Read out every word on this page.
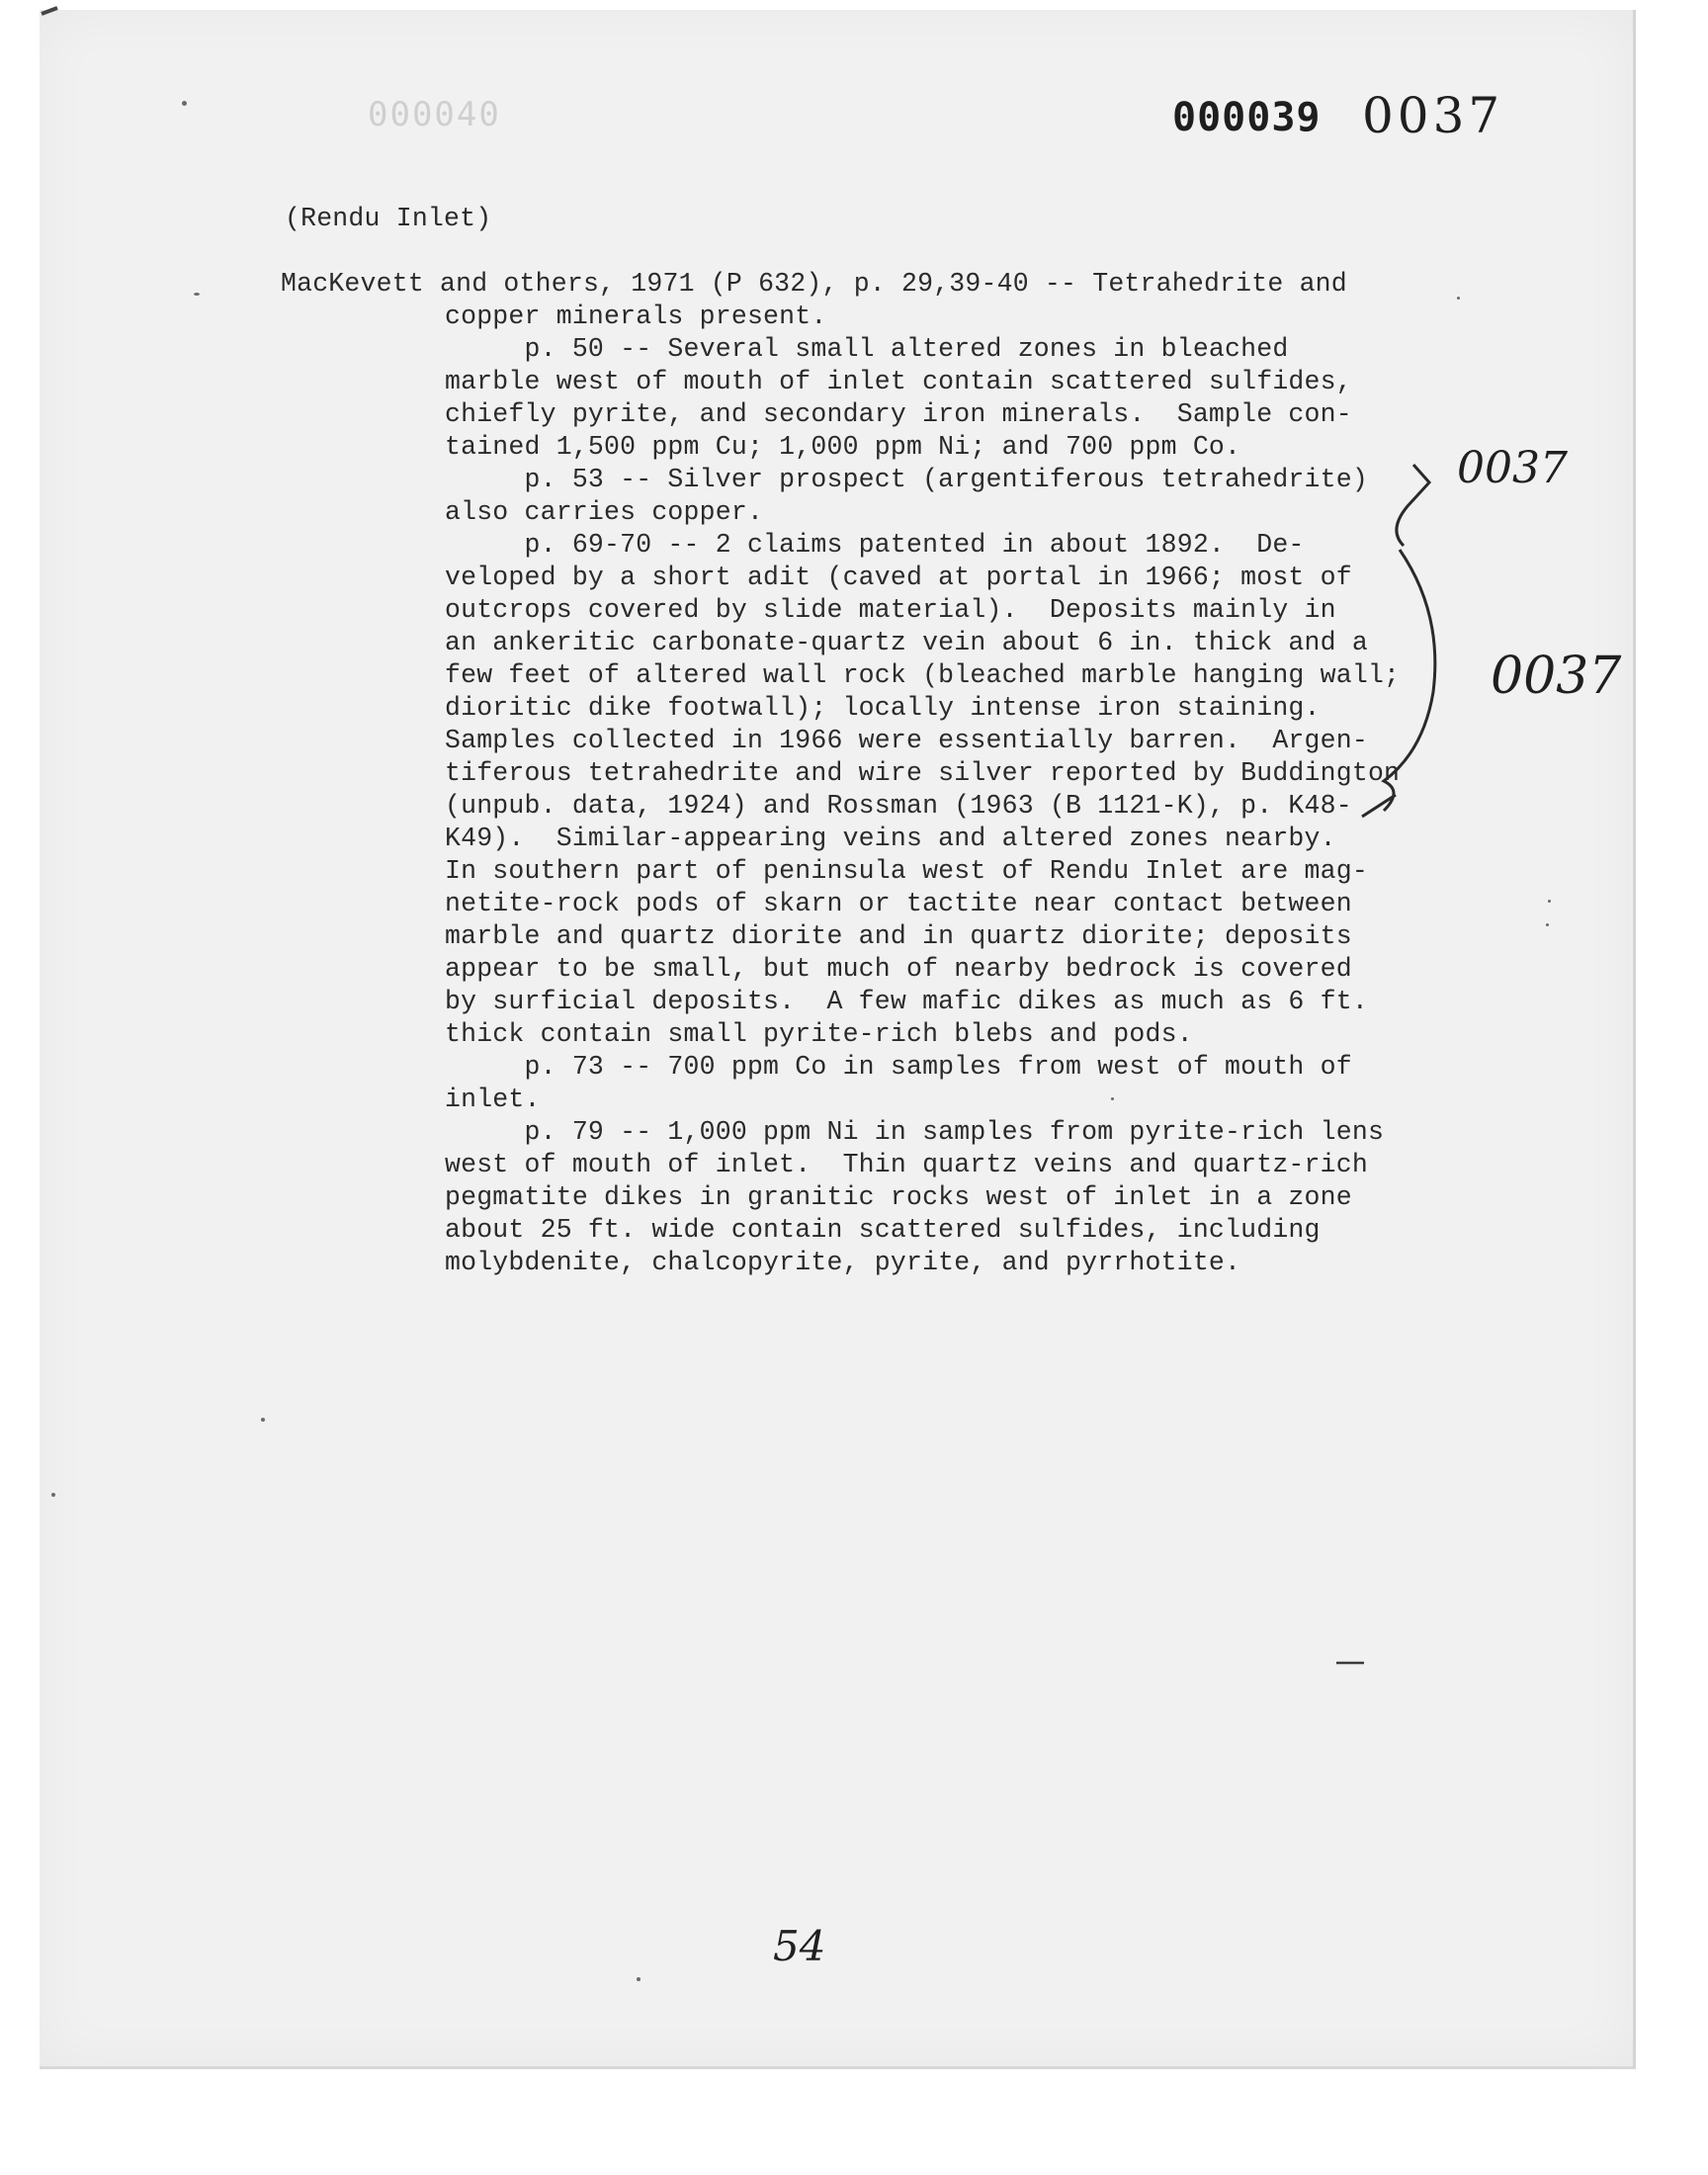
000040	000039 0037
(Rendu Inlet)
MacKevett and others, 1971 (P 632), p. 29,39-40 -- Tetrahedrite and
copper minerals present.
p. 50 -- Several small altered zones in bleached
marble west of mouth of inlet contain scattered sulfides,
chiefly pyrite, and secondary iron minerals.  Sample con-
tained 1,500 ppm Cu; 1,000 ppm Ni; and 700 ppm Co.
p. 53 -- Silver prospect (argentiferous tetrahedrite)
also carries copper.
p. 69-70 -- 2 claims patented in about 1892.  De-
veloped by a short adit (caved at portal in 1966; most of
outcrops covered by slide material).  Deposits mainly in
an ankeritic carbonate-quartz vein about 6 in. thick and a
few feet of altered wall rock (bleached marble hanging wall;
dioritic dike footwall); locally intense iron staining.
Samples collected in 1966 were essentially barren.  Argen-
tiferous tetrahedrite and wire silver reported by Buddington
(unpub. data, 1924) and Rossman (1963 (B 1121-K), p. K48-
K49).  Similar-appearing veins and altered zones nearby.
In southern part of peninsula west of Rendu Inlet are mag-
netite-rock pods of skarn or tactite near contact between
marble and quartz diorite and in quartz diorite; deposits
appear to be small, but much of nearby bedrock is covered
by surficial deposits.  A few mafic dikes as much as 6 ft.
thick contain small pyrite-rich blebs and pods.
p. 73 -- 700 ppm Co in samples from west of mouth of
inlet.
p. 79 -- 1,000 ppm Ni in samples from pyrite-rich lens
west of mouth of inlet.  Thin quartz veins and quartz-rich
pegmatite dikes in granitic rocks west of inlet in a zone
about 25 ft. wide contain scattered sulfides, including
molybdenite, chalcopyrite, pyrite, and pyrrhotite.
0037
0037
54
